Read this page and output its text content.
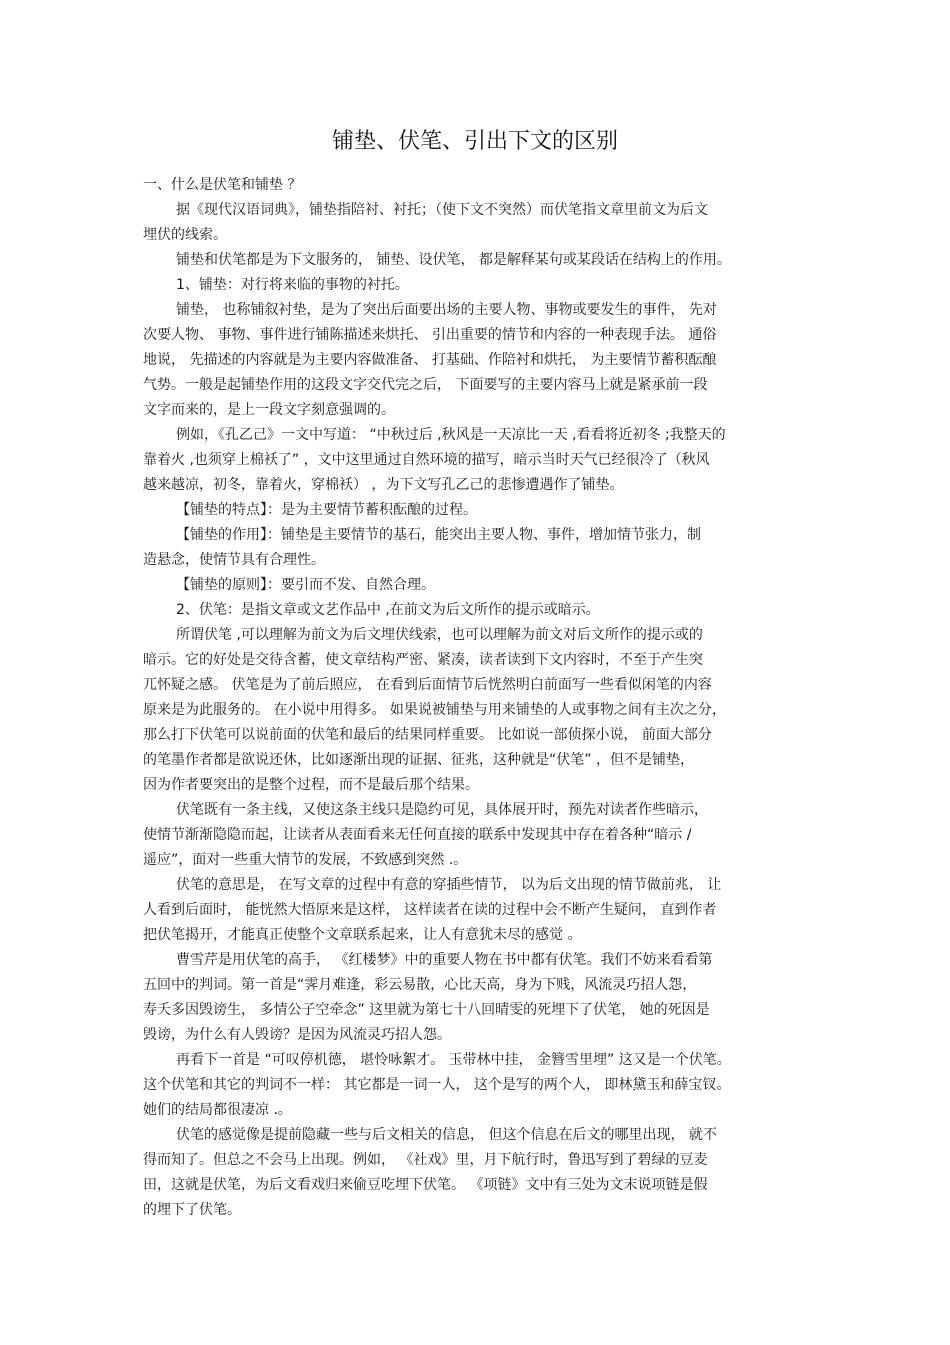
铺垫、伏笔、引出下文的区别
一、什么是伏笔和铺垫 ？
据《现代汉语词典》，铺垫指陪衬、衬托；（使下文不突然）而伏笔指文章里前文为后文
埋伏的线索。
铺垫和伏笔都是为下文服务的， 铺垫、设伏笔， 都是解释某句或某段话在结构上的作用。
1、铺垫：对行将来临的事物的衬托。
铺垫， 也称铺叙衬垫，是为了突出后面要出场的主要人物、事物或要发生的事件， 先对
次要人物、 事物、事件进行铺陈描述来烘托、 引出重要的情节和内容的一种表现手法。 通俗
地说， 先描述的内容就是为主要内容做准备、 打基础、作陪衬和烘托， 为主要情节蓄积酝酿
气势。一般是起铺垫作用的这段文字交代完之后， 下面要写的主要内容马上就是紧承前一段
文字而来的，是上一段文字刻意强调的。
例如，《孔乙己》一文中写道： “中秋过后 ,秋风是一天凉比一天 ,看看将近初冬 ;我整天的
靠着火 ,也须穿上棉袄了” ，文中这里通过自然环境的描写，暗示当时天气已经很冷了（秋风
越来越凉，初冬，靠着火，穿棉袄） ，为下文写孔乙己的悲惨遭遇作了铺垫。
【铺垫的特点】：是为主要情节蓄积酝酿的过程。
【铺垫的作用】：铺垫是主要情节的基石，能突出主要人物、事件，增加情节张力，制
造悬念，使情节具有合理性。
【铺垫的原则】：要引而不发、自然合理。
2、伏笔：是指文章或文艺作品中 ,在前文为后文所作的提示或暗示。
所谓伏笔 ,可以理解为前文为后文埋伏线索，也可以理解为前文对后文所作的提示或的
暗示。它的好处是交待含蓄，使文章结构严密、紧凑，读者读到下文内容时，不至于产生突
兀怀疑之感。 伏笔是为了前后照应， 在看到后面情节后恍然明白前面写一些看似闲笔的内容
原来是为此服务的。 在小说中用得多。 如果说被铺垫与用来铺垫的人或事物之间有主次之分，
那么打下伏笔可以说前面的伏笔和最后的结果同样重要。 比如说一部侦探小说， 前面大部分
的笔墨作者都是欲说还休，比如逐渐出现的证据、征兆，这种就是“伏笔” ，但不是铺垫，
因为作者要突出的是整个过程，而不是最后那个结果。
伏笔既有一条主线，又使这条主线只是隐约可见，具体展开时，预先对读者作些暗示，
使情节渐渐隐隐而起，让读者从表面看来无任何直接的联系中发现其中存在着各种“暗示 /
遥应”，面对一些重大情节的发展，不致感到突然 .。
伏笔的意思是， 在写文章的过程中有意的穿插些情节， 以为后文出现的情节做前兆， 让
人看到后面时， 能恍然大悟原来是这样， 这样读者在读的过程中会不断产生疑问， 直到作者
把伏笔揭开，才能真正使整个文章联系起来，让人有意犹未尽的感觉 。
曹雪芹是用伏笔的高手， 《红楼梦》中的重要人物在书中都有伏笔。我们不妨来看看第
五回中的判词。第一首是“霁月难逢，彩云易散，心比天高，身为下贱，风流灵巧招人怨，
寿夭多因毁谤生， 多情公子空牵念” 这里就为第七十八回晴雯的死埋下了伏笔， 她的死因是
毁谤，为什么有人毁谤？是因为风流灵巧招人怨。
再看下一首是 “可叹停机德， 堪怜咏絮才。 玉带林中挂， 金簪雪里埋” 这又是一个伏笔。
这个伏笔和其它的判词不一样： 其它都是一词一人， 这个是写的两个人， 即林黛玉和薛宝钗。
她们的结局都很凄凉 .。
伏笔的感觉像是提前隐藏一些与后文相关的信息， 但这个信息在后文的哪里出现， 就不
得而知了。但总之不会马上出现。例如， 《社戏》里，月下航行时，鲁迅写到了碧绿的豆麦
田，这就是伏笔，为后文看戏归来偷豆吃埋下伏笔。 《项链》文中有三处为文末说项链是假
的埋下了伏笔。
